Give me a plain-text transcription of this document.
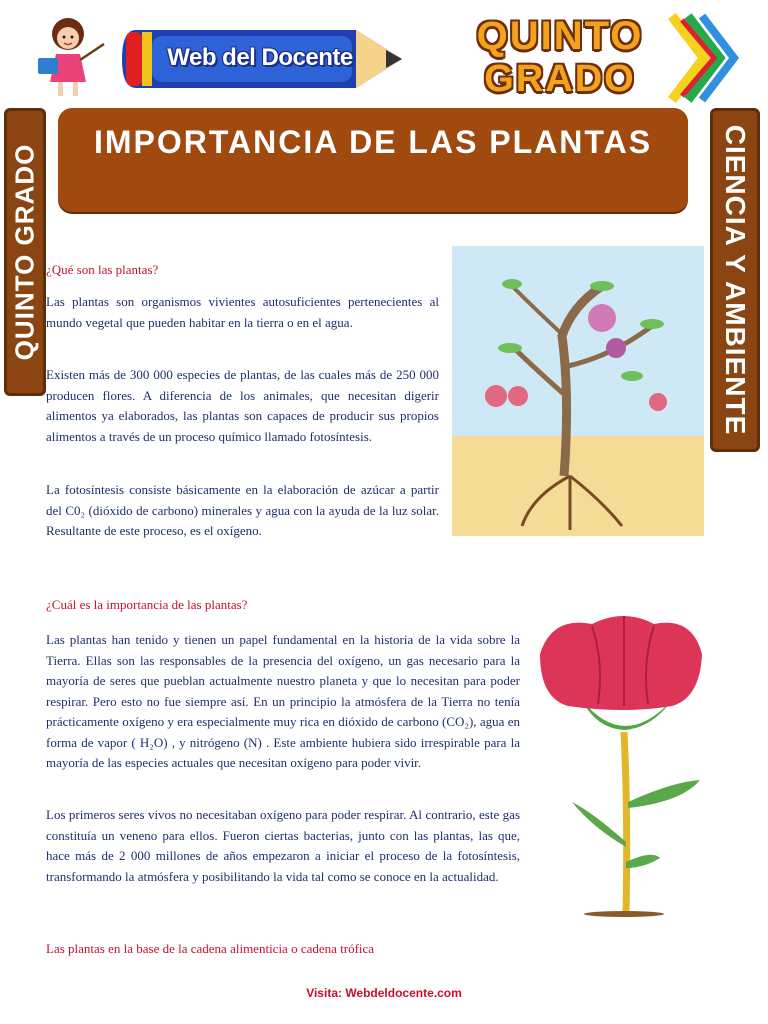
Web del Docente	QUINTO
GRADO
QUINTO GRADO	CIENCIA Y AMBIENTE
IMPORTANCIA DE LAS PLANTAS
¿Qué son las plantas?

Las plantas son organismos vivientes autosuficientes pertenecientes al mundo vegetal que pueden habitar en la tierra o en el agua.

Existen más de 300 000 especies de plantas, de las cuales más de 250 000 producen flores. A diferencia de los animales, que necesitan digerir alimentos ya elaborados, las plantas son capaces de producir sus propios alimentos a través de un proceso químico llamado fotosíntesis.

La fotosíntesis consiste básicamente en la elaboración de azúcar a partir del C0₂ (dióxido de carbono) minerales y agua con la ayuda de la luz solar. Resultante de este proceso, es el oxígeno.

¿Cuál es la importancia de las plantas?

Las plantas han tenido y tienen un papel fundamental en la historia de la vida sobre la Tierra. Ellas son las responsables de la presencia del oxígeno, un gas necesario para la mayoría de seres que pueblan actualmente nuestro planeta y que lo necesitan para poder respirar. Pero esto no fue siempre así. En un principio la atmósfera de la Tierra no tenía prácticamente oxígeno y era especialmente muy rica en dióxido de carbono (CO₂), agua en forma de vapor ( H₂O) , y nitrógeno (N) . Este ambiente hubiera sido irrespirable para la mayoría de las especies actuales que necesitan oxígeno para poder vivir.

Los primeros seres vivos no necesitaban oxígeno para poder respirar. Al contrario, este gas constituía un veneno para ellos. Fueron ciertas bacterias, junto con las plantas, las que, hace más de 2 000 millones de años empezaron a iniciar el proceso de la fotosíntesis, transformando la atmósfera y posibilitando la vida tal como se conoce en la actualidad.

Las plantas en la base de la cadena alimenticia o cadena trófica
Visita: Webdeldocente.com
